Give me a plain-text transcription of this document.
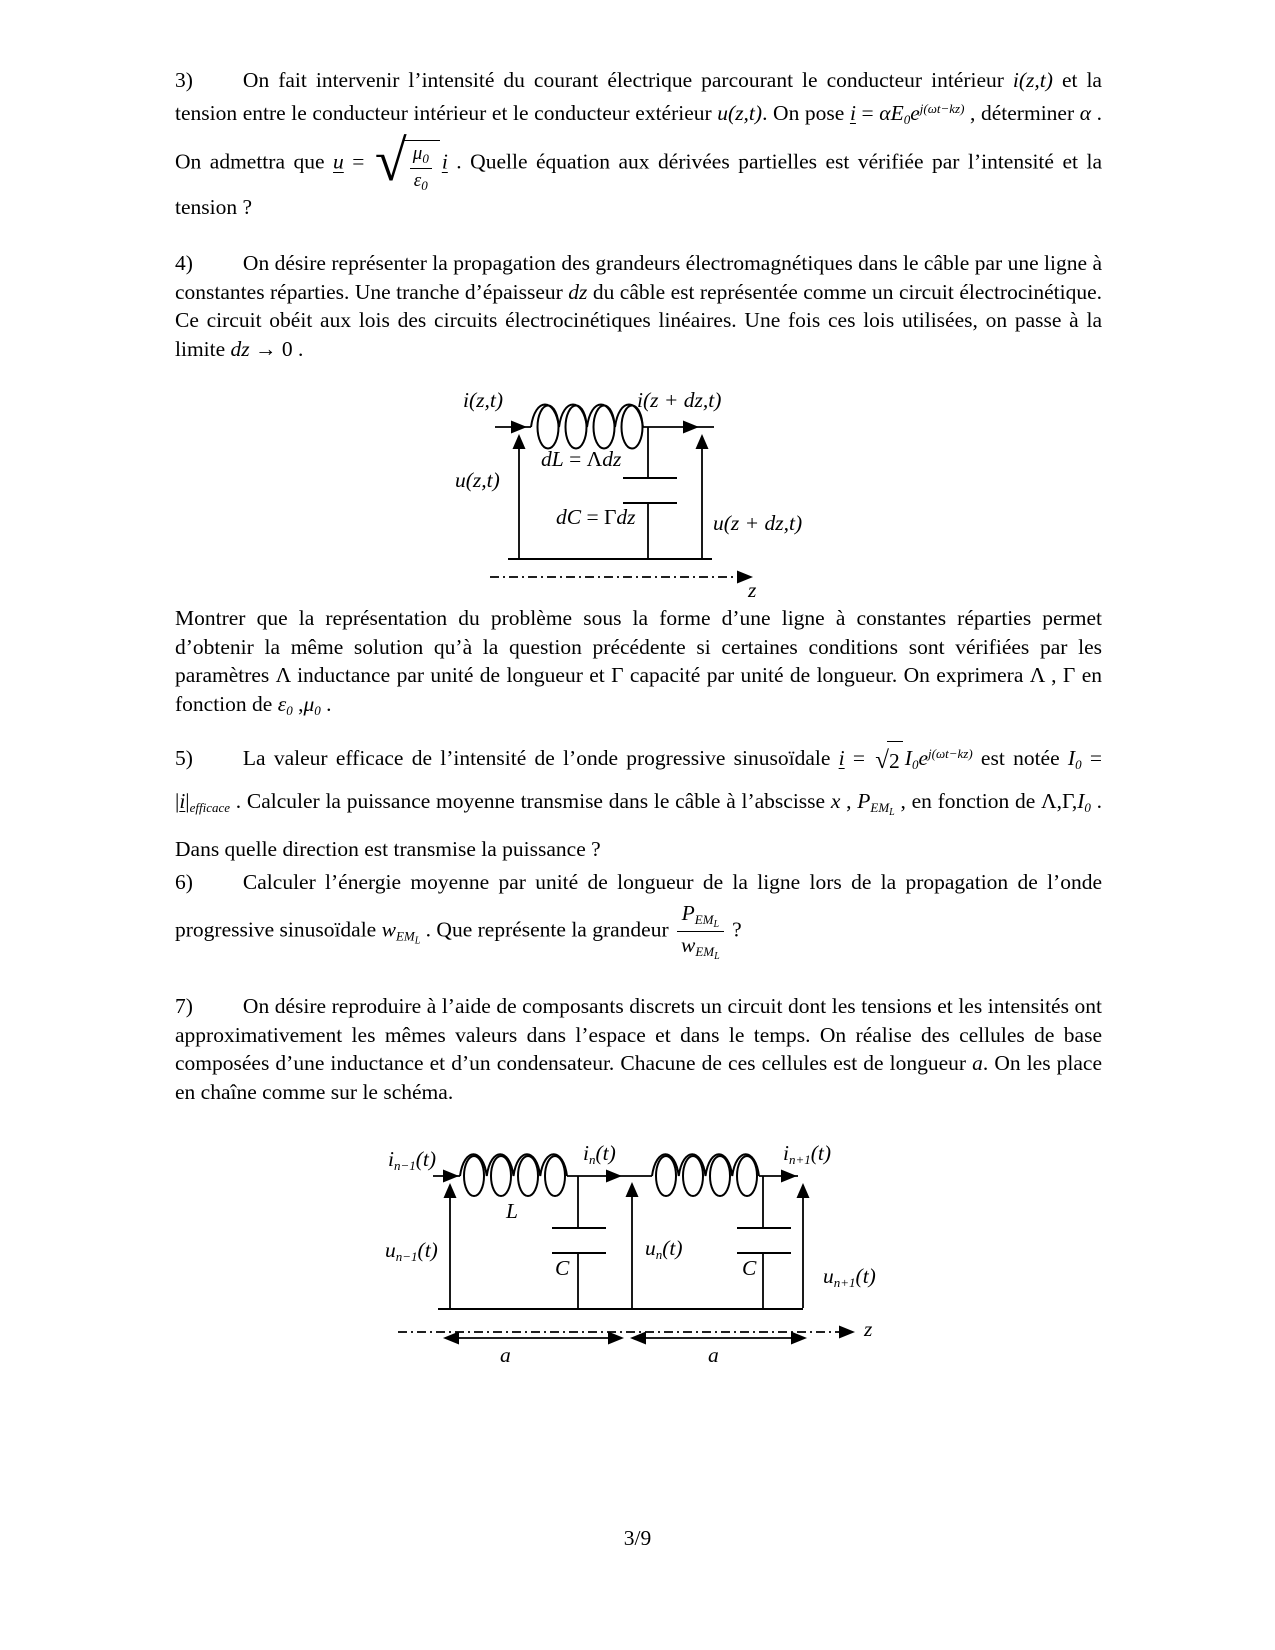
3) On fait intervenir l’intensité du courant électrique parcourant le conducteur intérieur i(z,t) et la tension entre le conducteur intérieur et le conducteur extérieur u(z,t). On pose $i = \alpha E0e^{j(\omega t-kz)}$ , déterminer α . On admettra que u = √ $\frac{\mu_0}{\varepsilon_0}$ i . Quelle équation aux dérivées partielles est vérifiée par l’intensité et la tension ?
4) On désire représenter la propagation des grandeurs électromagnétiques dans le câble par une ligne à constantes réparties. Une tranche d’épaisseur dz du câble est représentée comme un circuit électrocinétique. Ce circuit obéit aux lois des circuits électrocinétiques linéaires. Une fois ces lois utilisées, on passe à la limite dz → 0 .
i(z,t)	i(z + dz,t)
dL = Λdz
u(z,t)
dC = Γdz	u(z + dz,t)
z
Montrer que la représentation du problème sous la forme d’une ligne à constantes réparties permet d’obtenir la même solution qu’à la question précédente si certaines conditions sont vérifiées par les paramètres Λ inductance par unité de longueur et Γ capacité par unité de longueur. On exprimera Λ , Γ en fonction de ε0 ,μ0 .
5) La valeur efficace de l’intensité de l’onde progressive sinusoïdale i = √ 2 $I0e^{j(\omega t-kz)}$ est notée I0 = |i|efficace . Calculer la puissance moyenne transmise dans le câble à l’abscisse x , $PEM_L$ , en fonction de Λ,Γ,I0 . Dans quelle direction est transmise la puissance ?
6) Calculer l’énergie moyenne par unité de longueur de la ligne lors de la propagation de l’onde progressive sinusoïdale wEM$_L$ . Que représente la grandeur $\frac{PEM_L}{wEM_L}$ ?
7) On désire reproduire à l’aide de composants discrets un circuit dont les tensions et les intensités ont approximativement les mêmes valeurs dans l’espace et dans le temps. On réalise des cellules de base composées d’une inductance et d’un condensateur. Chacune de ces cellules est de longueur a. On les place en chaîne comme sur le schéma.
in−1(t)	in(t)	in+1(t)
L
un−1(t)
C
un(t)
C	un+1(t)
z
a	a
3/9
